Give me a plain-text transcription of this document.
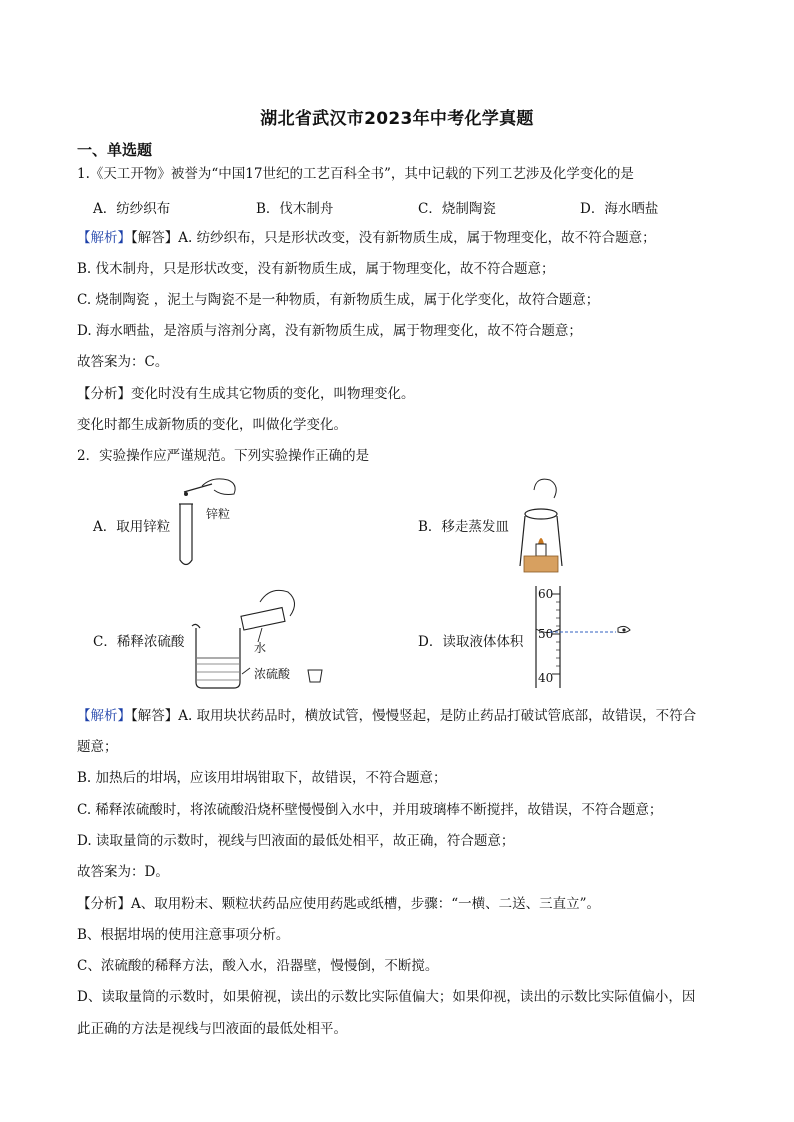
湖北省武汉市2023年中考化学真题
一、单选题
1.《天工开物》被誉为“中国17世纪的工艺百科全书”，其中记载的下列工艺涉及化学变化的是
A．纺纱织布	B．伐木制舟	C．烧制陶瓷	D．海水晒盐
【解析】【解答】A. 纺纱织布，只是形状改变，没有新物质生成，属于物理变化，故不符合题意；
B. 伐木制舟，只是形状改变，没有新物质生成，属于物理变化，故不符合题意；
C. 烧制陶瓷 ，泥土与陶瓷不是一种物质，有新物质生成，属于化学变化，故符合题意；
D. 海水晒盐，是溶质与溶剂分离，没有新物质生成，属于物理变化，故不符合题意；
故答案为：C。
【分析】变化时没有生成其它物质的变化，叫物理变化。
变化时都生成新物质的变化，叫做化学变化。
2．实验操作应严谨规范。下列实验操作正确的是
A．取用锌粒	B．移走蒸发皿
C．稀释浓硫酸	D．读取液体体积
锌粒
水
浓硫酸
60
50
40
【解析】【解答】A. 取用块状药品时，横放试管，慢慢竖起，是防止药品打破试管底部，故错误，不符合
题意；
B. 加热后的坩埚，应该用坩埚钳取下，故错误，不符合题意；
C. 稀释浓硫酸时，将浓硫酸沿烧杯壁慢慢倒入水中，并用玻璃棒不断搅拌，故错误，不符合题意；
D. 读取量筒的示数时，视线与凹液面的最低处相平，故正确，符合题意；
故答案为：D。
【分析】A、取用粉末、颗粒状药品应使用药匙或纸槽，步骤：“一横、二送、三直立”。
B、根据坩埚的使用注意事项分析。
C、浓硫酸的稀释方法，酸入水，沿器壁，慢慢倒，不断搅。
D、读取量筒的示数时，如果俯视，读出的示数比实际值偏大；如果仰视，读出的示数比实际值偏小，因
此正确的方法是视线与凹液面的最低处相平。
